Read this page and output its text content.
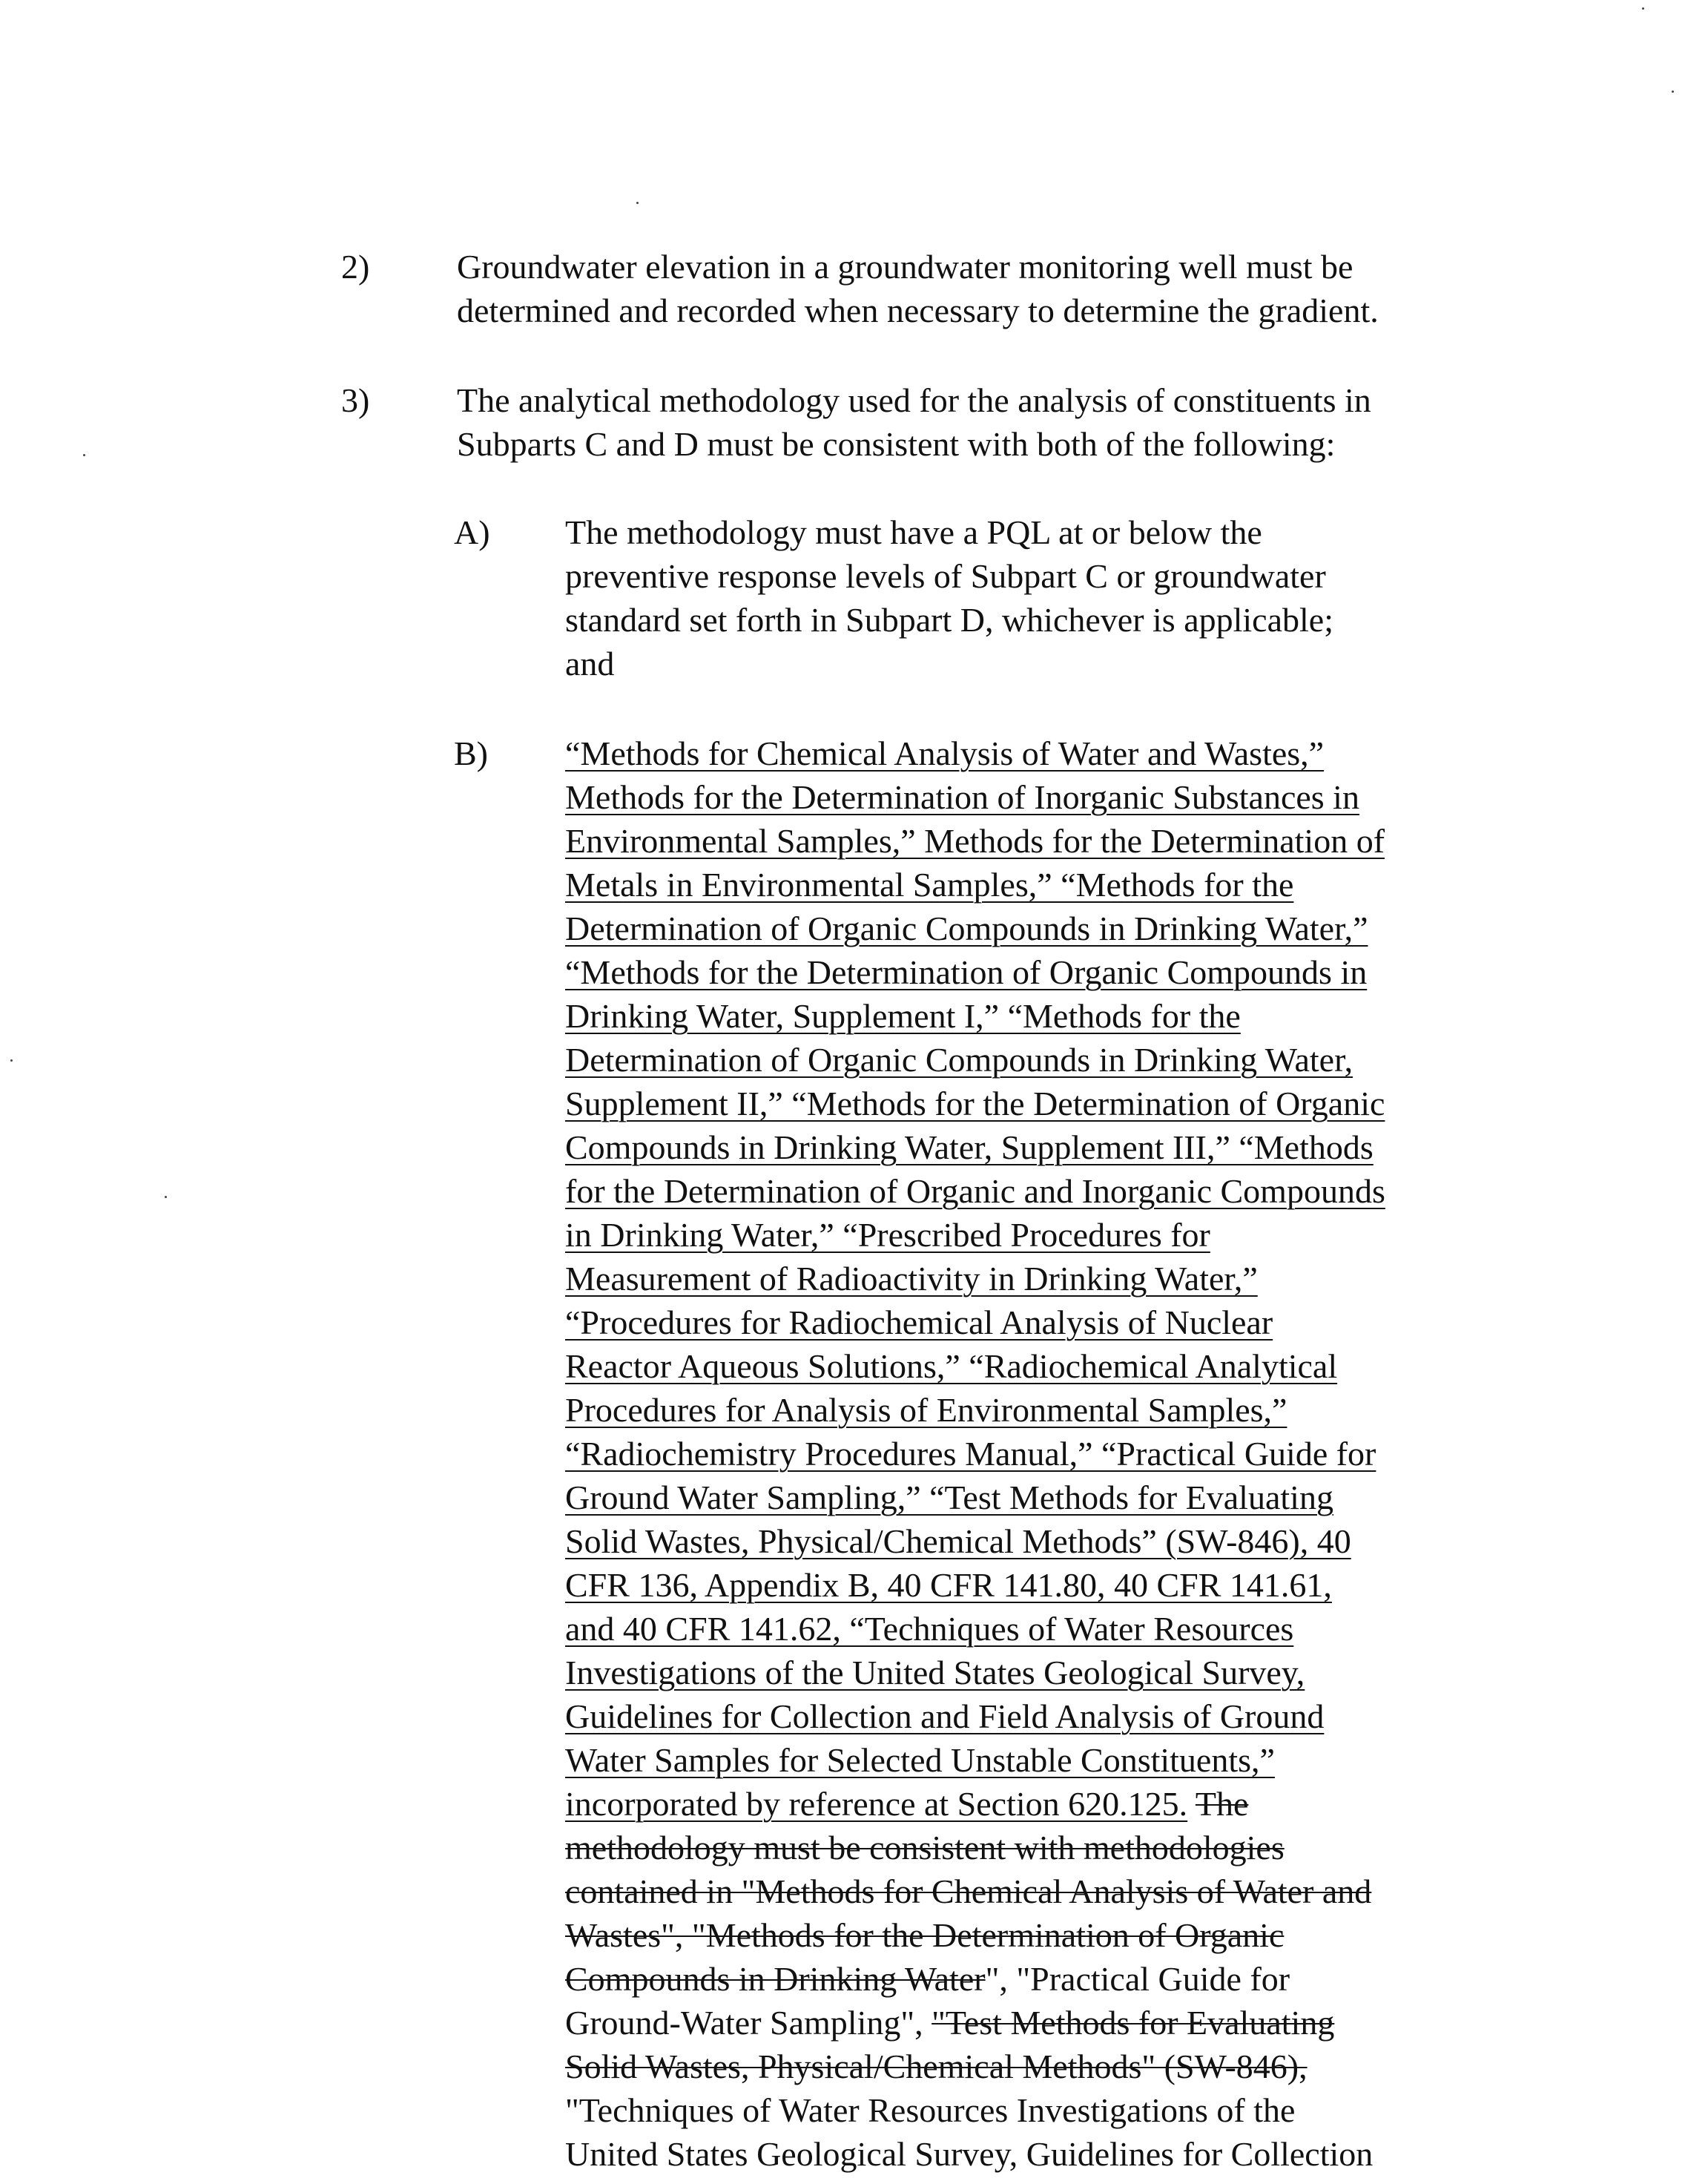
2)	Groundwater elevation in a groundwater monitoring well must be
determined and recorded when necessary to determine the gradient.
3)	The analytical methodology used for the analysis of constituents in
Subparts C and D must be consistent with both of the following:
A) The methodology must have a PQL at or below the
preventive response levels of Subpart C or groundwater
standard set forth in Subpart D, whichever is applicable;
and
B) “Methods for Chemical Analysis of Water and Wastes,”
Methods for the Determination of Inorganic Substances in
Environmental Samples,” Methods for the Determination of
Metals in Environmental Samples,” “Methods for the
Determination of Organic Compounds in Drinking Water,”
“Methods for the Determination of Organic Compounds in
Drinking Water, Supplement I,” “Methods for the
Determination of Organic Compounds in Drinking Water,
Supplement II,” “Methods for the Determination of Organic
Compounds in Drinking Water, Supplement III,” “Methods
for the Determination of Organic and Inorganic Compounds
in Drinking Water,” “Prescribed Procedures for
Measurement of Radioactivity in Drinking Water,”
“Procedures for Radiochemical Analysis of Nuclear
Reactor Aqueous Solutions,” “Radiochemical Analytical
Procedures for Analysis of Environmental Samples,”
“Radiochemistry Procedures Manual,” “Practical Guide for
Ground Water Sampling,” “Test Methods for Evaluating
Solid Wastes, Physical/Chemical Methods” (SW-846), 40
CFR 136, Appendix B, 40 CFR 141.80, 40 CFR 141.61,
and 40 CFR 141.62, “Techniques of Water Resources
Investigations of the United States Geological Survey,
Guidelines for Collection and Field Analysis of Ground
Water Samples for Selected Unstable Constituents,”
incorporated by reference at Section 620.125. The
methodology must be consistent with methodologies
contained in "Methods for Chemical Analysis of Water and
Wastes", "Methods for the Determination of Organic
Compounds in Drinking Water", "Practical Guide for
Ground-Water Sampling", "Test Methods for Evaluating
Solid Wastes, Physical/Chemical Methods" (SW-846),
"Techniques of Water Resources Investigations of the
United States Geological Survey, Guidelines for Collection
